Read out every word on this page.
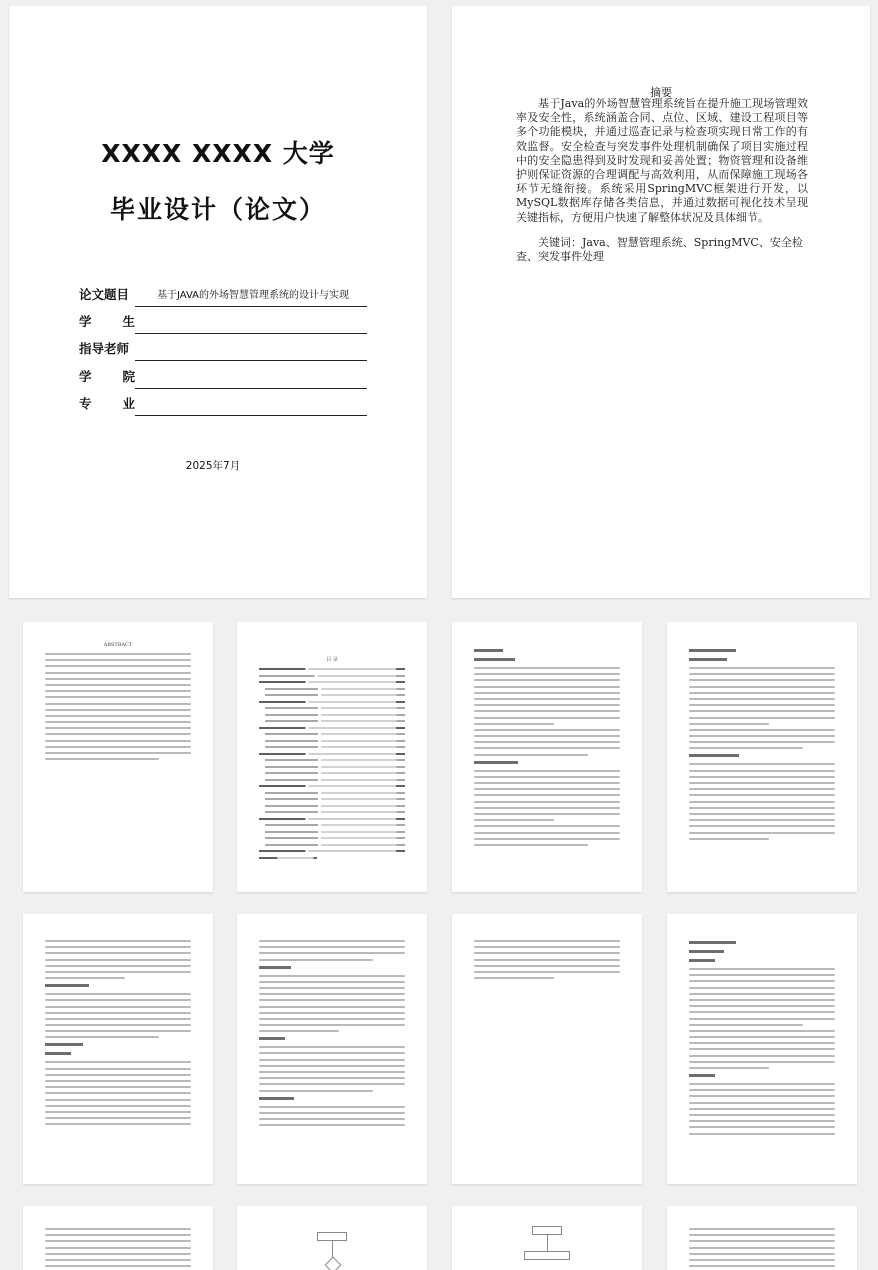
XXXX XXXX 大学
毕业设计（论文）
论文题目	基于JAVA的外场智慧管理系统的设计与实现
学 生
指导老师
学 院
专 业
2025年7月
摘要
基于Java的外场智慧管理系统旨在提升施工现场管理效率及安全性，系统涵盖合同、点位、区域、建设工程项目等多个功能模块，并通过巡查记录与检查项实现日常工作的有效监督。安全检查与突发事件处理机制确保了项目实施过程中的安全隐患得到及时发现和妥善处置；物资管理和设备维护则保证资源的合理调配与高效利用，从而保障施工现场各环节无缝衔接。系统采用SpringMVC框架进行开发，以MySQL数据库存储各类信息，并通过数据可视化技术呈现关键指标，方便用户快速了解整体状况及具体细节。
关键词：Java、智慧管理系统、SpringMVC、安全检查、突发事件处理
ABSTRACT
目 录
